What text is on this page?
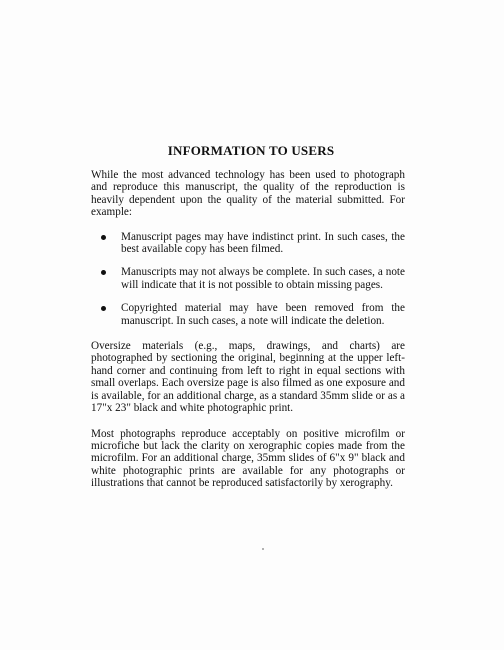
INFORMATION TO USERS

While the most advanced technology has been used to photograph and reproduce this manuscript, the quality of the reproduction is heavily dependent upon the quality of the material submitted. For example:

Manuscript pages may have indistinct print. In such cases, the best available copy has been filmed.

Manuscripts may not always be complete. In such cases, a note will indicate that it is not possible to obtain missing pages.

Copyrighted material may have been removed from the manuscript. In such cases, a note will indicate the deletion.

Oversize materials (e.g., maps, drawings, and charts) are photographed by sectioning the original, beginning at the upper left-hand corner and continuing from left to right in equal sections with small overlaps. Each oversize page is also filmed as one exposure and is available, for an additional charge, as a standard 35mm slide or as a 17"x 23" black and white photographic print.

Most photographs reproduce acceptably on positive microfilm or microfiche but lack the clarity on xerographic copies made from the microfilm. For an additional charge, 35mm slides of 6"x 9" black and white photographic prints are available for any photographs or illustrations that cannot be reproduced satisfactorily by xerography.
